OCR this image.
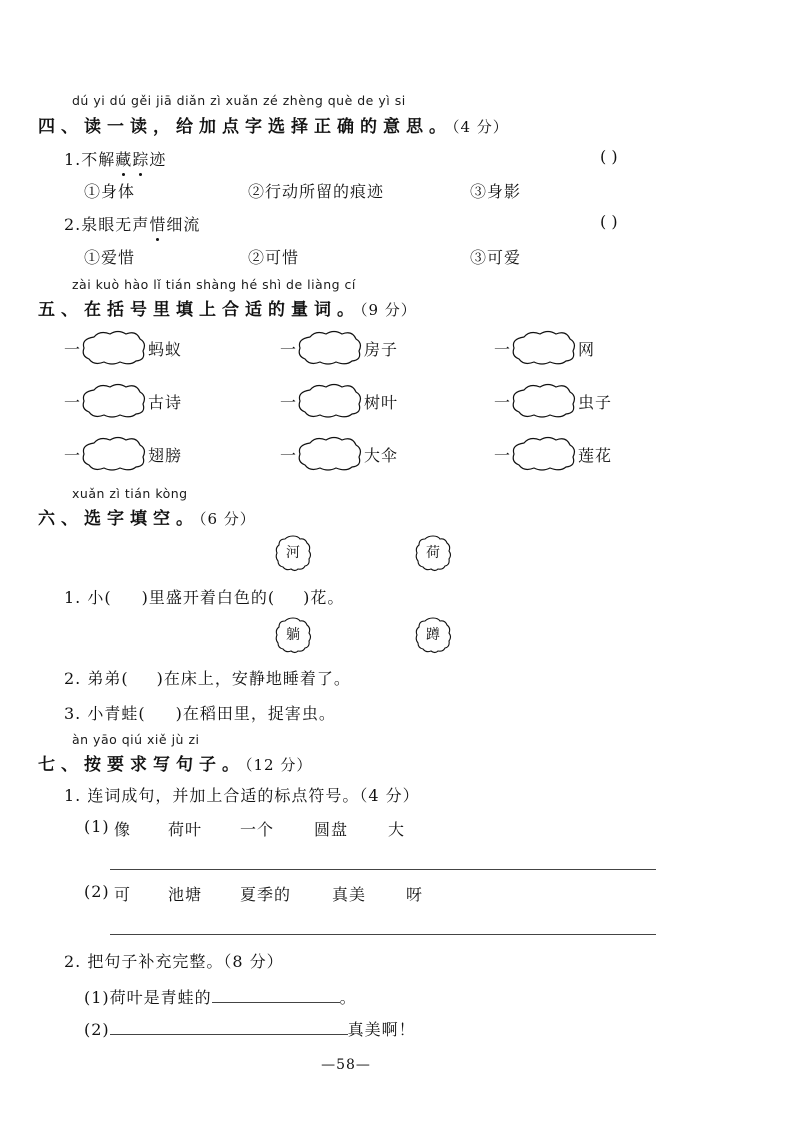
dú yi dú gěi jiā diǎn zì xuǎn zé zhèng què de yì si
四、读一读，给加点字选择正确的意思。（4 分）
1.不解藏
踪
迹	( )
①身体	②行动所留的痕迹	③身影
2.泉眼无声惜
细流	( )
①爱惜	②可惜	③可爱
zài kuò hào lǐ tián shàng hé shì de liàng cí
五、在括号里填上合适的量词。（9 分）
一	蚂蚁	一	房子	一	网
一	古诗	一	树叶	一	虫子
一	翅膀	一	大伞	一	莲花
xuǎn zì tián kòng
六、选字填空。（6 分）
河	荷
1. 小( )里盛开着白色的( )花。
躺	蹲
2. 弟弟( )在床上，安静地睡着了。
3. 小青蛙( )在稻田里，捉害虫。
àn yāo qiú xiě jù zi
七、按要求写句子。（12 分）
1. 连词成句，并加上合适的标点符号。（4 分）
(1) 像 荷叶 一个 圆盘 大
(2) 可 池塘 夏季的	真美 呀
2. 把句子补充完整。（8 分）
(1)荷叶是青蛙的	。
(2)	真美啊！
—58—
